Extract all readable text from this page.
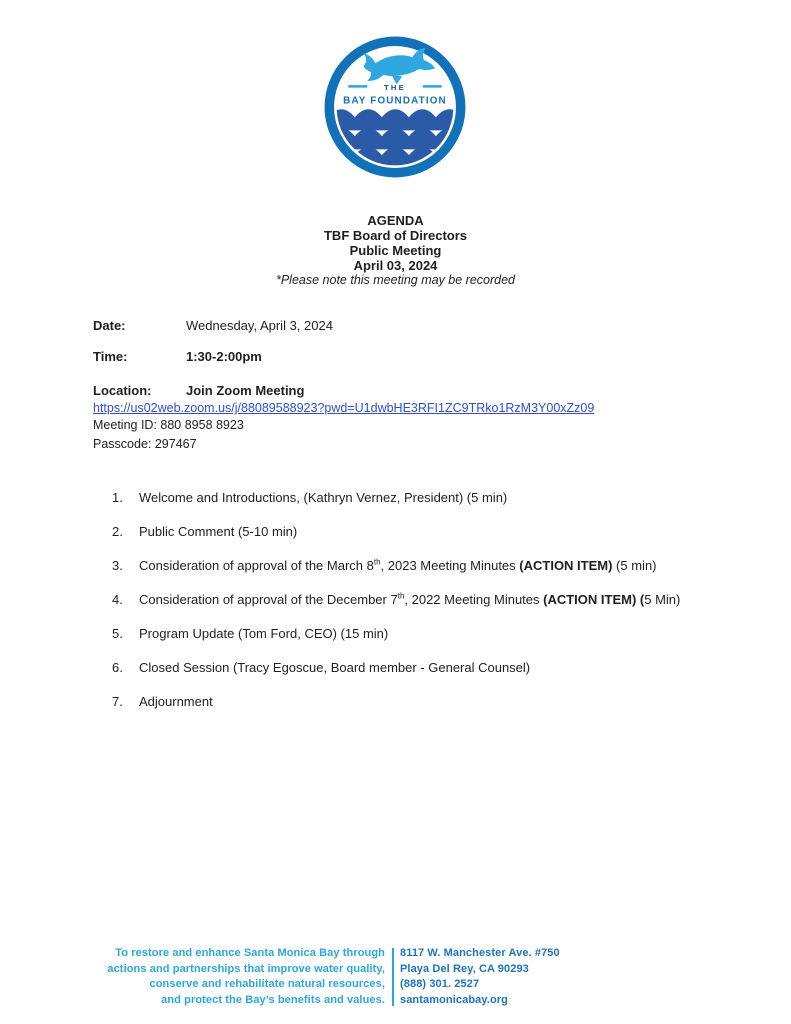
THE
BAY FOUNDATION
AGENDA
TBF Board of Directors
Public Meeting
April 03, 2024
*Please note this meeting may be recorded
Date:	Wednesday, April 3, 2024
Time:	1:30-2:00pm
Location:	Join Zoom Meeting
https://us02web.zoom.us/j/88089588923?pwd=U1dwbHE3RFI1ZC9TRko1RzM3Y00xZz09
Meeting ID: 880 8958 8923
Passcode: 297467
1.	Welcome and Introductions, (Kathryn Vernez, President) (5 min)
2.	Public Comment (5-10 min)
3.	Consideration of approval of the March 8th, 2023 Meeting Minutes (ACTION ITEM) (5 min)
4.	Consideration of approval of the December 7th, 2022 Meeting Minutes (ACTION ITEM) (5 Min)
5.	Program Update (Tom Ford, CEO) (15 min)
6.	Closed Session (Tracy Egoscue, Board member - General Counsel)
7.	Adjournment
To restore and enhance Santa Monica Bay through
actions and partnerships that improve water quality,
conserve and rehabilitate natural resources,
and protect the Bay’s benefits and values.
8117 W. Manchester Ave. #750
Playa Del Rey, CA 90293
(888) 301. 2527
santamonicabay.org
